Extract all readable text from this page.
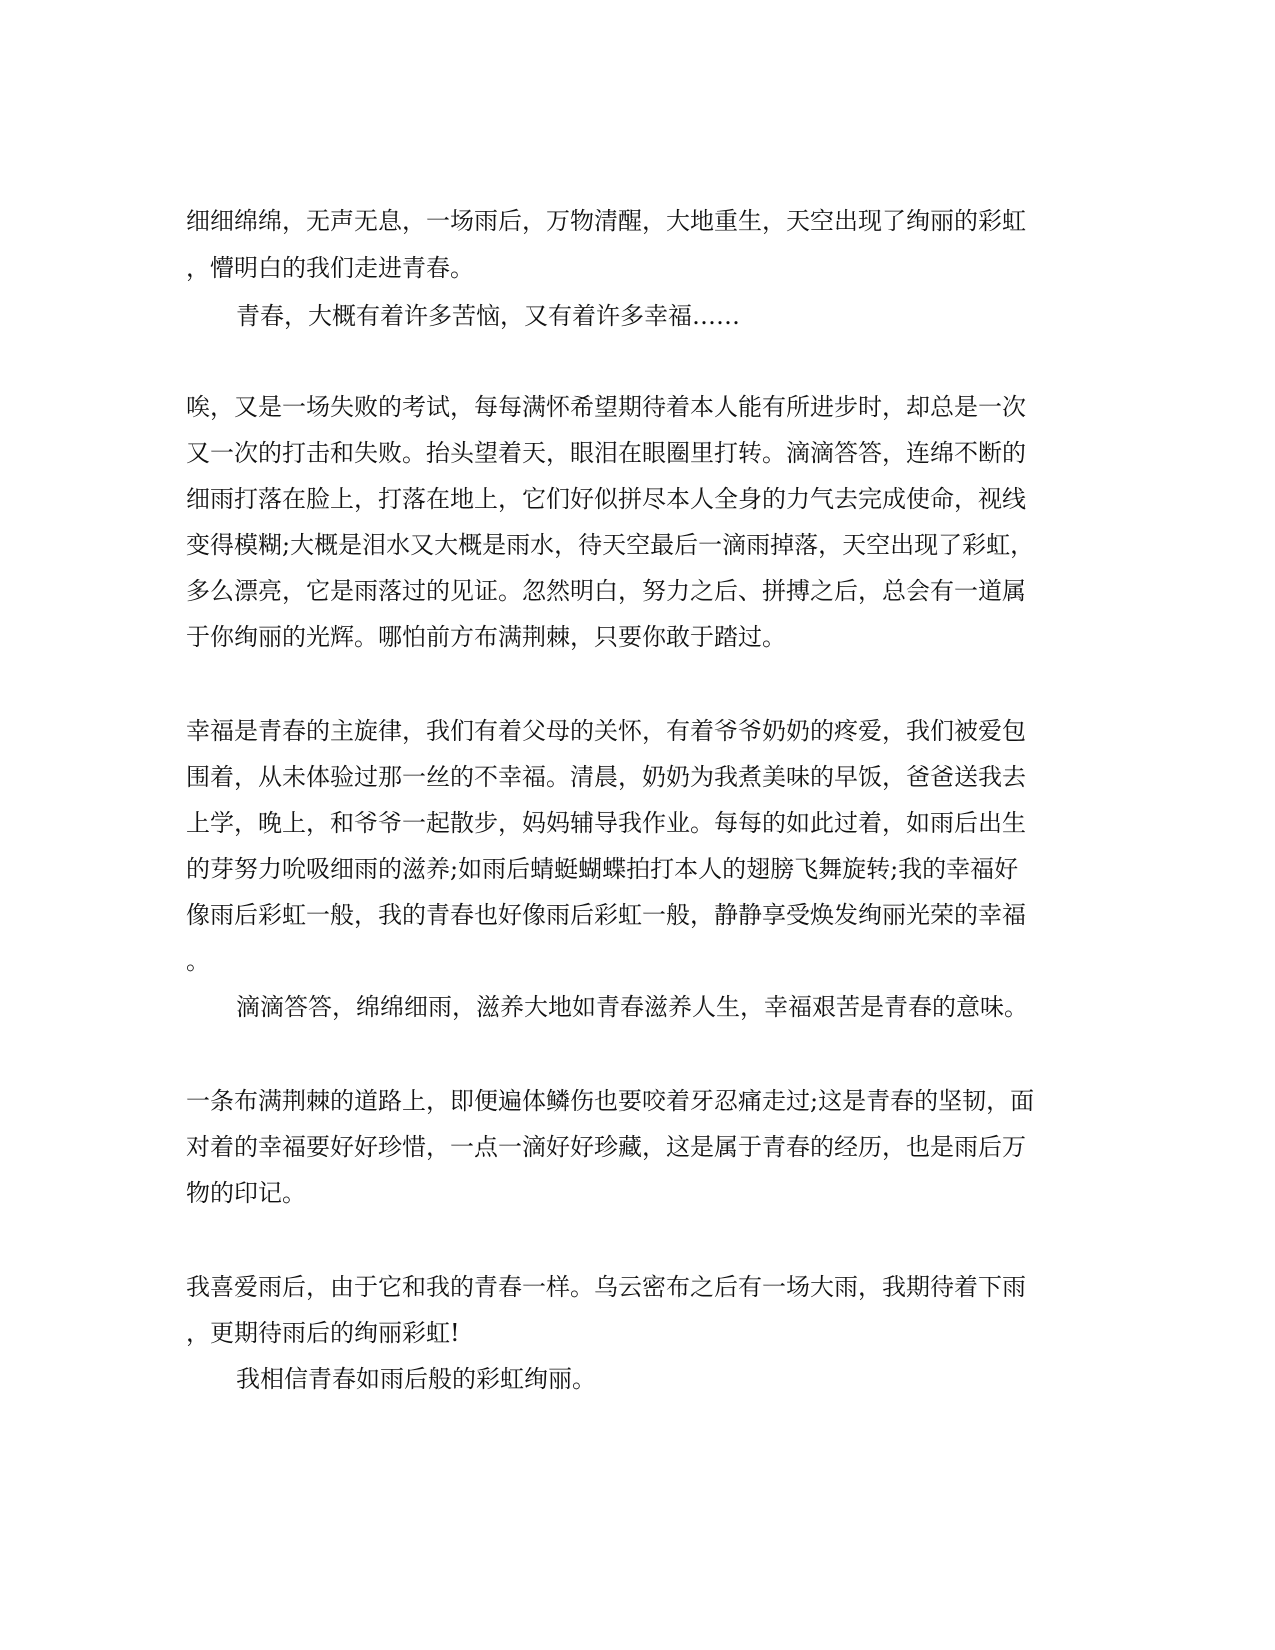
细细绵绵，无声无息，一场雨后，万物清醒，大地重生，天空出现了绚丽的彩虹
，懵明白的我们走进青春。
青春，大概有着许多苦恼，又有着许多幸福……
唉，又是一场失败的考试，每每满怀希望期待着本人能有所进步时，却总是一次
又一次的打击和失败。抬头望着天，眼泪在眼圈里打转。滴滴答答，连绵不断的
细雨打落在脸上，打落在地上，它们好似拼尽本人全身的力气去完成使命，视线
变得模糊;大概是泪水又大概是雨水，待天空最后一滴雨掉落，天空出现了彩虹，
多么漂亮，它是雨落过的见证。忽然明白，努力之后、拼搏之后，总会有一道属
于你绚丽的光辉。哪怕前方布满荆棘，只要你敢于踏过。
幸福是青春的主旋律，我们有着父母的关怀，有着爷爷奶奶的疼爱，我们被爱包
围着，从未体验过那一丝的不幸福。清晨，奶奶为我煮美味的早饭，爸爸送我去
上学，晚上，和爷爷一起散步，妈妈辅导我作业。每每的如此过着，如雨后出生
的芽努力吮吸细雨的滋养;如雨后蜻蜓蝴蝶拍打本人的翅膀飞舞旋转;我的幸福好
像雨后彩虹一般，我的青春也好像雨后彩虹一般，静静享受焕发绚丽光荣的幸福
。
滴滴答答，绵绵细雨，滋养大地如青春滋养人生，幸福艰苦是青春的意味。
一条布满荆棘的道路上，即便遍体鳞伤也要咬着牙忍痛走过;这是青春的坚韧，面
对着的幸福要好好珍惜，一点一滴好好珍藏，这是属于青春的经历，也是雨后万
物的印记。
我喜爱雨后，由于它和我的青春一样。乌云密布之后有一场大雨，我期待着下雨
，更期待雨后的绚丽彩虹!
我相信青春如雨后般的彩虹绚丽。
